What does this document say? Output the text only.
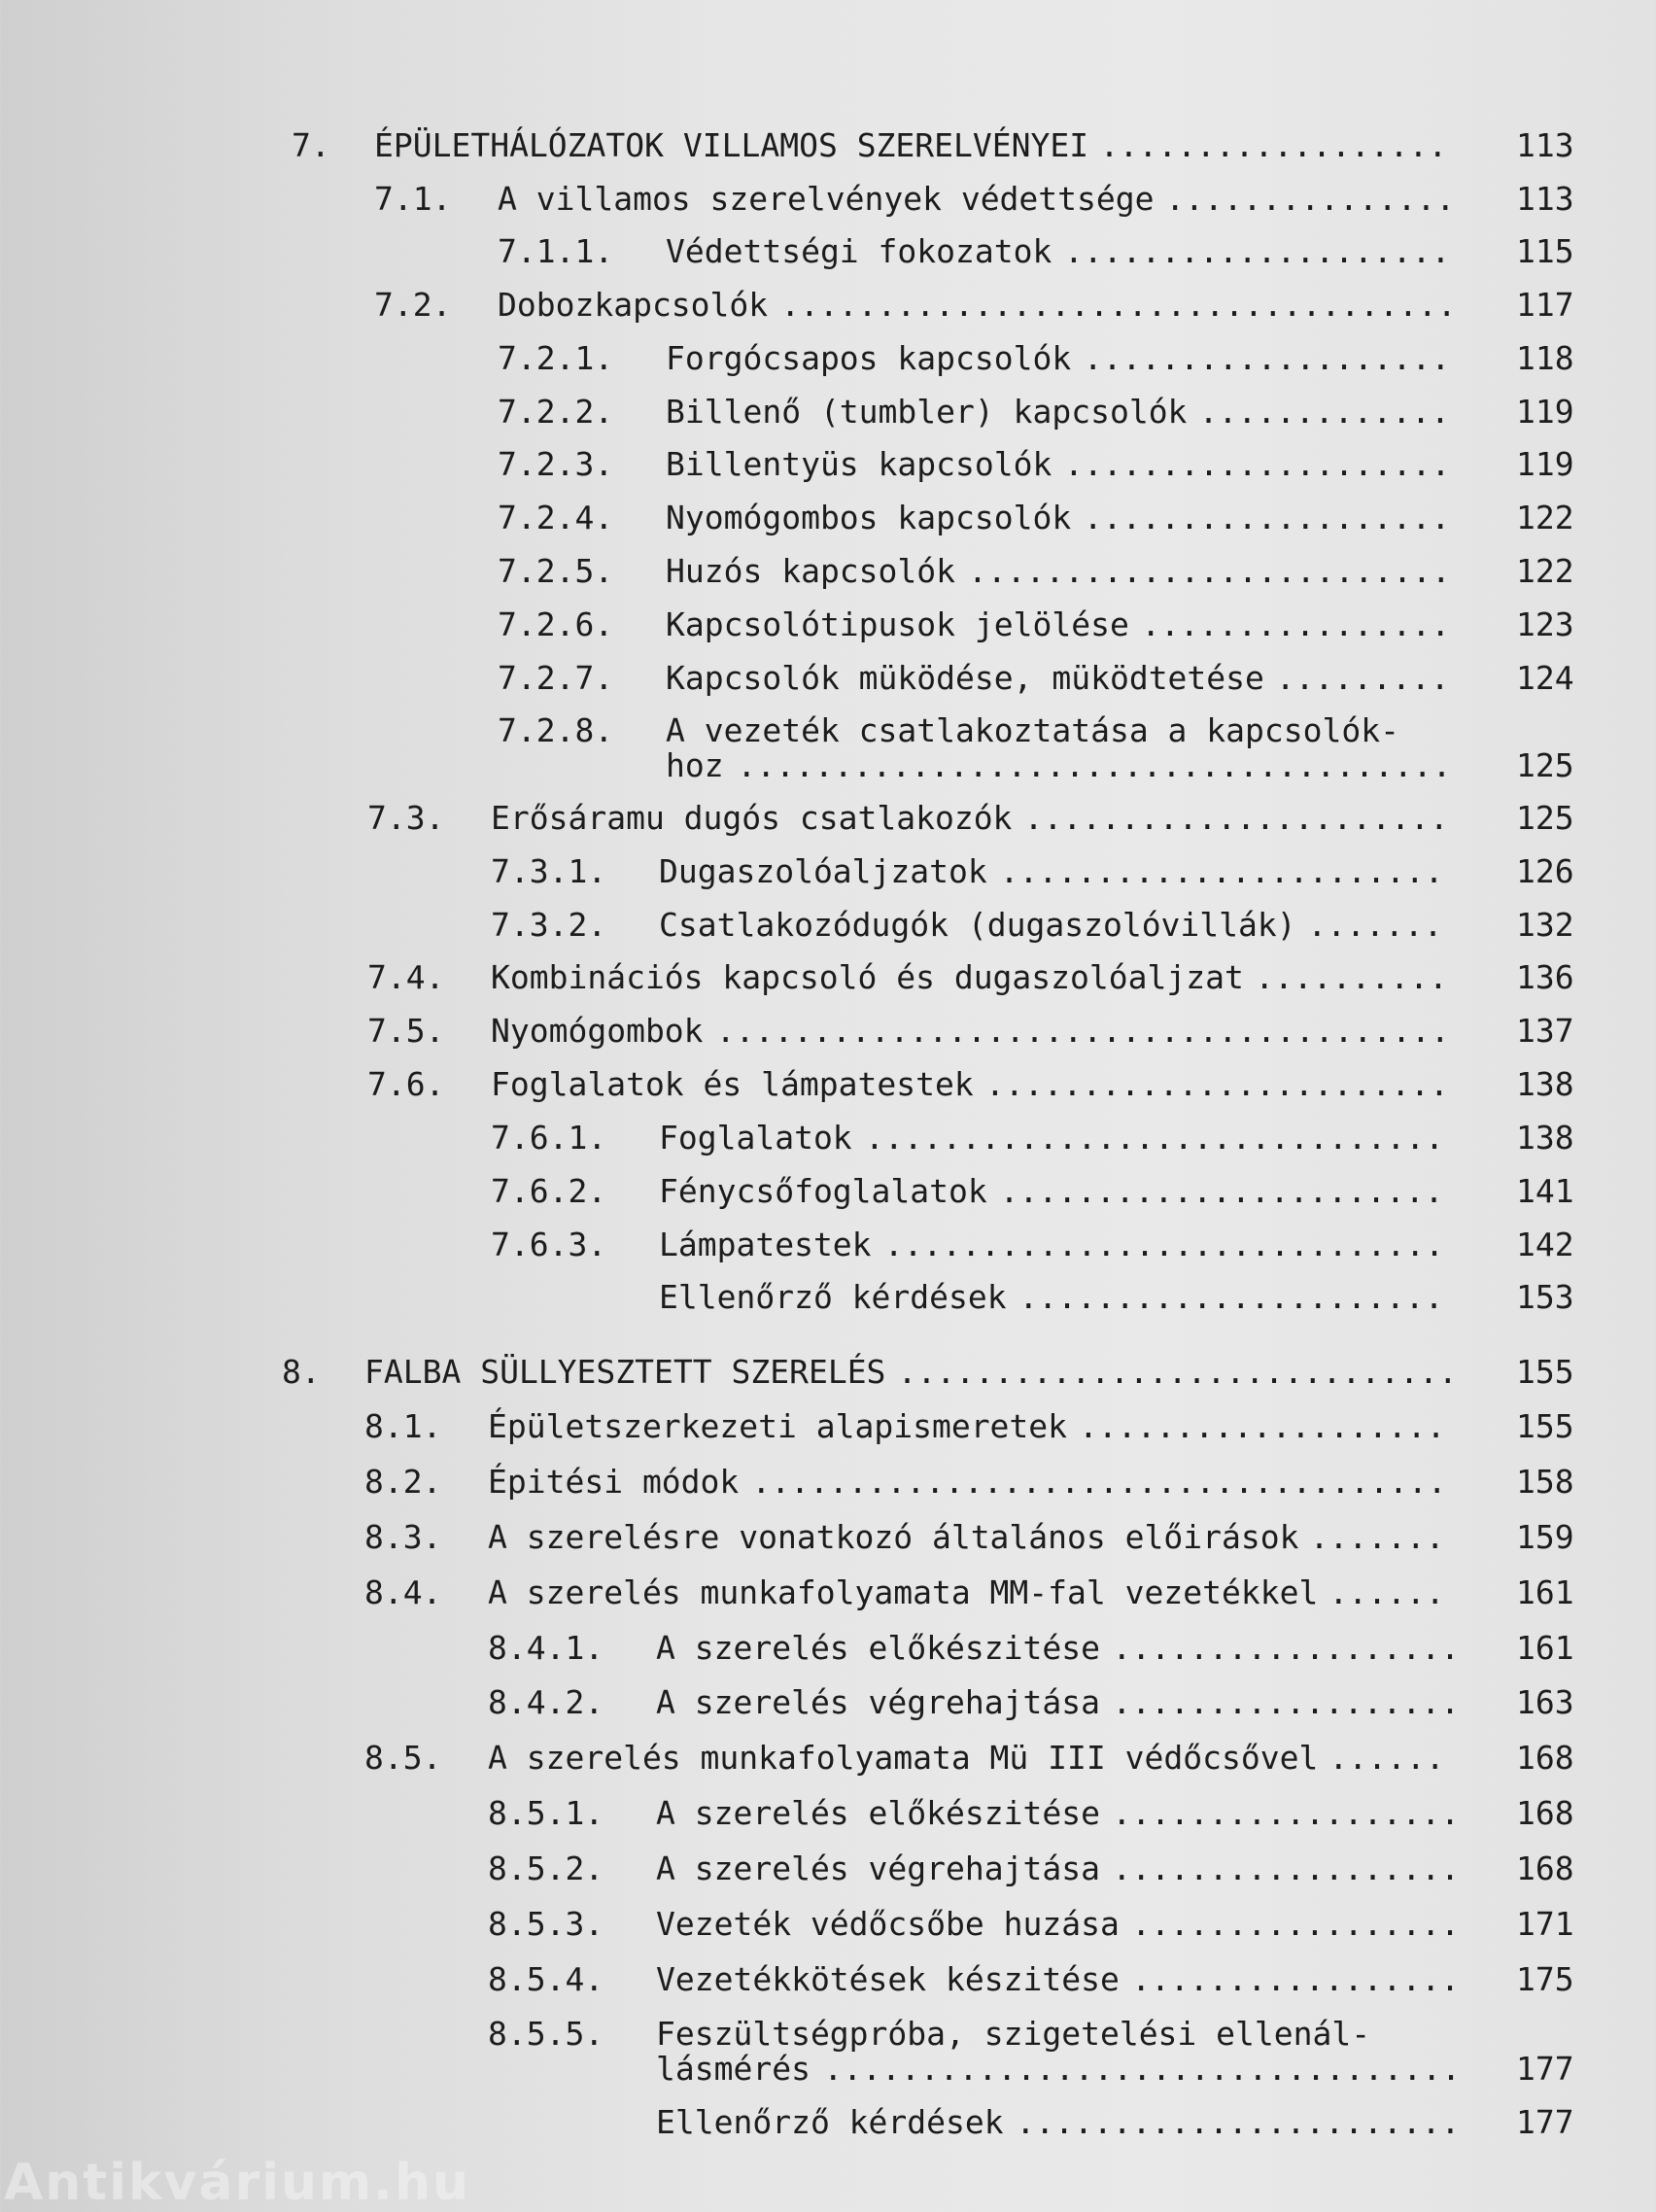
7. ÉPÜLETHÁLÓZATOK VILLAMOS SZERELVÉNYEI ..................	113
7.1. A villamos szerelvények védettsége ............... 113
7.1.1. Védettségi fokozatok ....................	115
7.2. Dobozkapcsolók ................................... 117
7.2.1. Forgócsapos kapcsolók ...................	118
7.2.2. Billenő (tumbler) kapcsolók .............	119
7.2.3. Billentyüs kapcsolók ....................	119
7.2.4. Nyomógombos kapcsolók ...................	122
7.2.5. Huzós kapcsolók .........................	122
7.2.6. Kapcsolótipusok jelölése ................	123
7.2.7. Kapcsolók müködése, müködtetése .........	124
7.2.8. A vezeték csatlakoztatása a kapcsolók-
hoz ..................................... 125
7.3. Erősáramu dugós csatlakozók ......................	125
7.3.1. Dugaszolóaljzatok .......................	126
7.3.2. Csatlakozódugók (dugaszolóvillák) .......	132
7.4. Kombinációs kapcsoló és dugaszolóaljzat ..........	136
7.5. Nyomógombok ......................................	137
7.6. Foglalatok és lámpatestek ........................	138
7.6.1. Foglalatok ..............................	138
7.6.2. Fénycsőfoglalatok .......................	141
7.6.3. Lámpatestek .............................	142
Ellenőrző kérdések ......................	153
8. FALBA SÜLLYESZTETT SZERELÉS ............................. 155
8.1. Épületszerkezeti alapismeretek ...................	155
8.2. Épitési módok ....................................	158
8.3. A szerelésre vonatkozó általános előirások .......	159
8.4. A szerelés munkafolyamata MM-fal vezetékkel ......	161
8.4.1. A szerelés előkészitése .................. 161
8.4.2. A szerelés végrehajtása .................. 163
8.5. A szerelés munkafolyamata Mü III védőcsővel ......	168
8.5.1. A szerelés előkészitése .................. 168
8.5.2. A szerelés végrehajtása .................. 168
8.5.3. Vezeték védőcsőbe huzása ................. 171
8.5.4. Vezetékkötések készitése ................. 175
8.5.5. Feszültségpróba, szigetelési ellenál-
lásmérés ................................. 177
Ellenőrző kérdések ....................... 177
Antikvárium.hu
